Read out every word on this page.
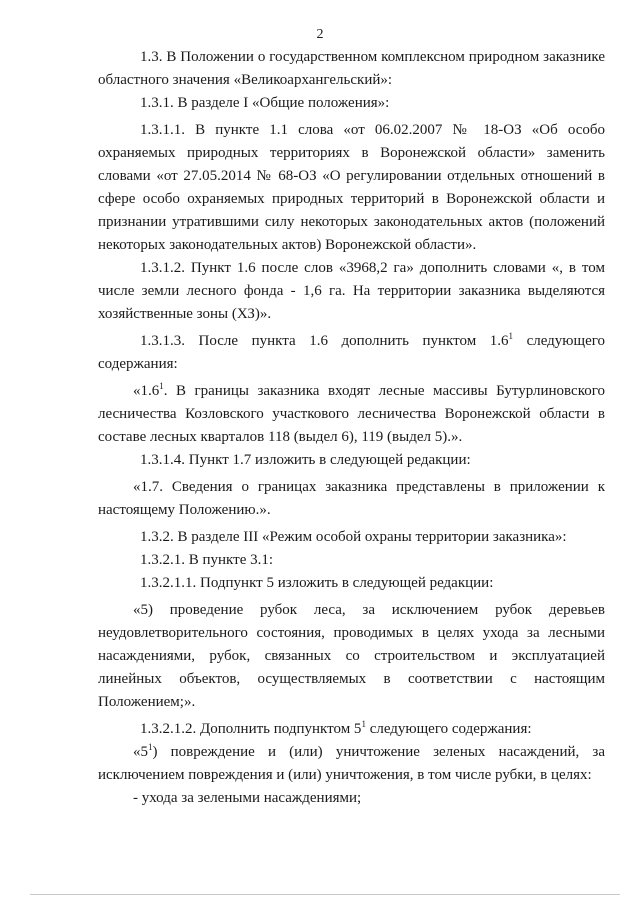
2

1.3. В Положении о государственном комплексном природном заказнике областного значения «Великоархангельский»:

1.3.1. В разделе I «Общие положения»:

1.3.1.1. В пункте 1.1 слова «от 06.02.2007 № 18-ОЗ «Об особо охраняемых природных территориях в Воронежской области» заменить словами «от 27.05.2014 № 68-ОЗ «О регулировании отдельных отношений в сфере особо охраняемых природных территорий в Воронежской области и признании утратившими силу некоторых законодательных актов (положений некоторых законодательных актов) Воронежской области».

1.3.1.2. Пункт 1.6 после слов «3968,2 га» дополнить словами «, в том числе земли лесного фонда - 1,6 га. На территории заказника выделяются хозяйственные зоны (ХЗ)».

1.3.1.3. После пункта 1.6 дополнить пунктом $1.6^1$ следующего содержания:

«$1.6^1$. В границы заказника входят лесные массивы Бутурлиновского лесничества Козловского участкового лесничества Воронежской области в составе лесных кварталов 118 (выдел 6), 119 (выдел 5).».

1.3.1.4. Пункт 1.7 изложить в следующей редакции:

«1.7. Сведения о границах заказника представлены в приложении к настоящему Положению.».

1.3.2. В разделе III «Режим особой охраны территории заказника»:

1.3.2.1. В пункте 3.1:

1.3.2.1.1. Подпункт 5 изложить в следующей редакции:

«5) проведение рубок леса, за исключением рубок деревьев неудовлетворительного состояния, проводимых в целях ухода за лесными насаждениями, рубок, связанных со строительством и эксплуатацией линейных объектов, осуществляемых в соответствии с настоящим Положением;».

1.3.2.1.2. Дополнить подпунктом $5^1$ следующего содержания:

«$5^1$) повреждение и (или) уничтожение зеленых насаждений, за исключением повреждения и (или) уничтожения, в том числе рубки, в целях:

- ухода за зелеными насаждениями;
